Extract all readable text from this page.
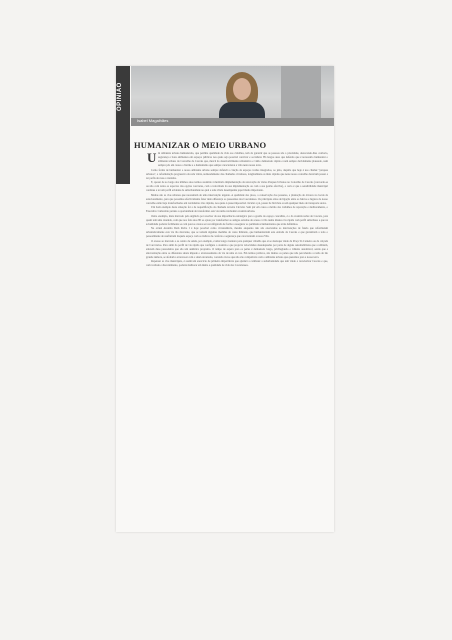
OPINIÃO
Isabel Magalhães
HUMANIZAR O MEIO URBANO
U m ambiente urbano humanizado, que permite qualidade de vida aos cidadãos, tem de garantir que as pessoas são a prioridade, oferecendo-lhes conforto, segurança e bons ambientes em espaços públicos nos quais seja possível conviver e socializar. Há longos anos que defendo que é necessário humanizar o ambiente urbano do Concelho de Cascais que, mercê do desenvolvimento urbanístico e viário demasiado rápido e nem sempre devidamente planeado, nem sempre pôs em causa o charme e o humanismo que sempre caracterizou a vida nesta nossa terra.

Como forma de humanizar o nosso ambiente urbano sempre defendi a criação de espaços verdes integrados, ao jeito, daquilo que hoje é uso chamar "parques urbanos", a reformulação progressiva da rede viária, nomeadamente das chamadas circulares, longitudinais ou mais rápidas que neste nosso concelho deveriam passar a ter perfis de ruas e avenidas.

E, apesar de ao longo dos últimos anos termos assistido à meritória implementação da renovação de vários Parques Urbanos no Concelho de Cascais (concorde-se ou não com todos os aspectos das opções concretas, com a velocidade da sua implementação ou com a sua gestão efectiva), o certo é que a sensibilidade municipal continua a ter um perfil evidente de suburbanidade no qual a rede viária desempenha papel muito importante.

Muitas são as vias urbanas que necessitam de uma intervenção urgente. A qualidade dos pisos, a conservação dos passeios, a plantação de árvores no locais de estacionamento, para que possamos efectivamente fazer desta diferença os passeantes dos Cascalenses. Os principais eixos de ligação entre os bairros e lugares do nosso concelho estão hoje transformados em verdadeiras vias rápidas, nos quais é quase impossível circular a pé, passar de bicicleta ou em qualquer meio de transporte suave.

Um bom exemplo deste situação foi a de requalificação da chamada terceira Circular. Sem pôr em causa o mérito dos trabalhos de reparação e melhoramento, o Executivo Camarário perdeu a oportunidade de transformar esta via numa verdadeira avenida urbana.

Outro exemplo, mais marcado pela urgência por resolver da sua importância estratégica para a gestão do espaço concelhio, é o da avenida nobre de Cascais, para quem tem uma Avenida, com que nos fala anos 80 se optou por transformar as antigas estradas de acesso à vila numa imensa via rápida com perfil suburbano e que na actualidade poderia facilmente se com poucos custos ser reconfigurada de forma a assegurar os parâmetros humanizados que atrás definimos.

Na actual Avenida Dom Pedro I é hoje possível como circunstância, mesmo enquanto não são executadas as intervenções de fundo que reformulem urbanisticamente esta via tão marcante, que se tomem algumas medidas de custo limitado, que humanizariam esta entrada de Cascais e que garantiram a todo o pessoalmente de usufruírem daquele espaço com os índices de conforto e segurança que caracterizam a nossa Vila.

O acesso ao mercado e ao centro de saúde, por exemplo, é uma longa aventura para qualquer cidadão que aí se desloque vindo da Praça Sá Carneiro ou da calçada de Carcavelos. Para além do perfil de via rápida que configura a avenida e que projecta velocidades desadequadas por parte de alguns automobilistas que a utilizam, existem duas passadeiras que são um autêntico propósito. O tempo de espera para os peões é demasiado longo, privilegiando o trânsito automóvel, sendo que a sincronização entre os diferentes sinais impede o atravessamento da via de uma só vez. Em termos práticos, são muitos os peões que não percebendo a razão de tão grande demora, se afoitam a atravessar com o sinal encarnado, correndo riscos que não são compatíveis com o ambiente urbano que queremos para a nossa terra.

Repensar as vias municipais, é assim um exercício de primeira importância que ajudará a combater a suburbanidade que tem vindo a caracterizar Cascais e que, com verdade e discernimento, poderia melhorar em muito a qualidade de vida dos Cascalenses.
